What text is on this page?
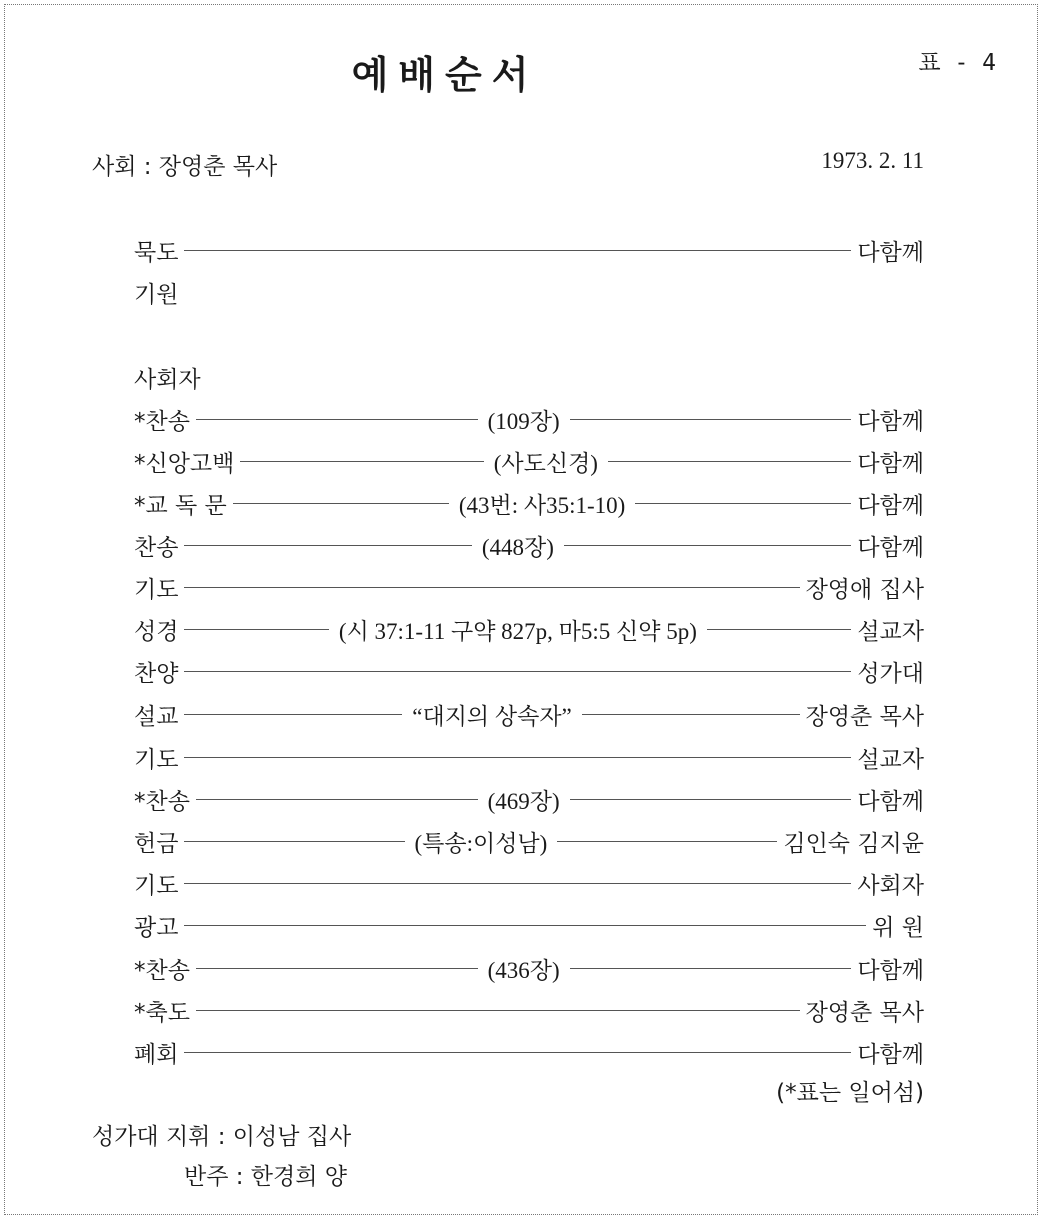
예배순서	표 - 4
사회 : 장영춘 목사	1973. 2. 11
묵도	다함께
기원
사회자
*찬송	(109장)	다함께
*신앙고백	(사도신경)	다함께
*교 독 문	(43번: 사35:1-10)	다함께
찬송	(448장)	다함께
기도	장영애 집사
성경	(시 37:1-11 구약 827p, 마5:5 신약 5p)	설교자
찬양	성가대
설교	“대지의 상속자”	장영춘 목사
기도	설교자
*찬송	(469장)	다함께
헌금	(특송:이성남)	김인숙 김지윤
기도	사회자
광고	위 원
*찬송	(436장)	다함께
*축도	장영춘 목사
폐회	다함께
(*표는 일어섬)
성가대 지휘 : 이성남 집사
반주 : 한경희 양
